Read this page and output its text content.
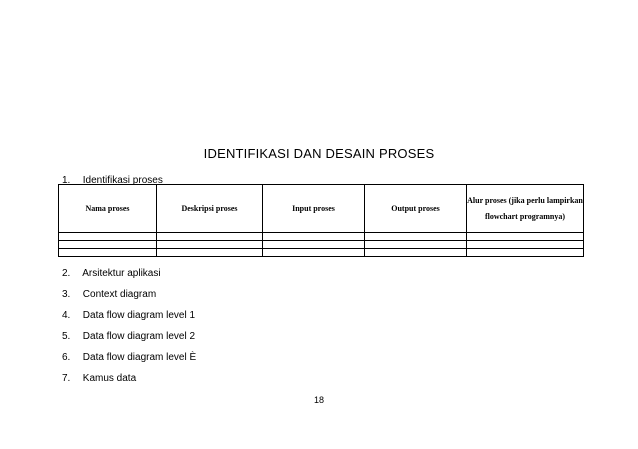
IDENTIFIKASI DAN DESAIN PROSES
1. Identifikasi proses
Nama proses	Deskripsi proses	Input proses	Output proses	Alur proses (jika perlu lampirkan flowchart programnya)

2. Arsitektur aplikasi
3. Context diagram
4. Data flow diagram level 1
5. Data flow diagram level 2
6. Data flow diagram level È
7. Kamus data
18
